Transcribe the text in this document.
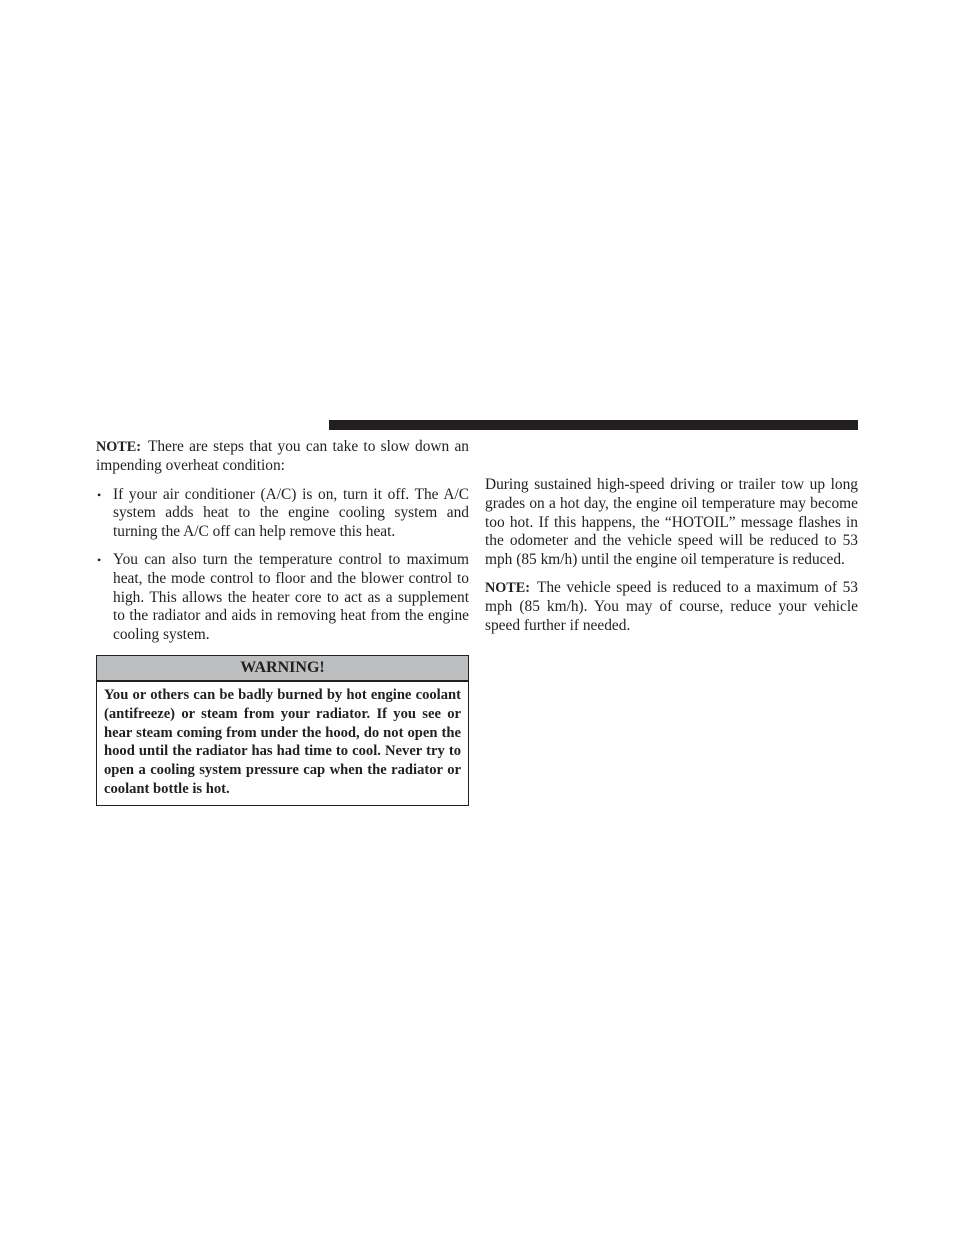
NOTE: There are steps that you can take to slow down an impending overheat condition:

• If your air conditioner (A/C) is on, turn it off. The A/C system adds heat to the engine cooling system and turning the A/C off can help remove this heat.
• You can also turn the temperature control to maximum heat, the mode control to floor and the blower control to high. This allows the heater core to act as a supplement to the radiator and aids in removing heat from the engine cooling system.
WARNING!
You or others can be badly burned by hot engine coolant (antifreeze) or steam from your radiator. If you see or hear steam coming from under the hood, do not open the hood until the radiator has had time to cool. Never try to open a cooling system pressure cap when the radiator or coolant bottle is hot.

During sustained high-speed driving or trailer tow up long grades on a hot day, the engine oil temperature may become too hot. If this happens, the “HOTOIL” message flashes in the odometer and the vehicle speed will be reduced to 53 mph (85 km/h) until the engine oil temperature is reduced.

NOTE: The vehicle speed is reduced to a maximum of 53 mph (85 km/h). You may of course, reduce your vehicle speed further if needed.
